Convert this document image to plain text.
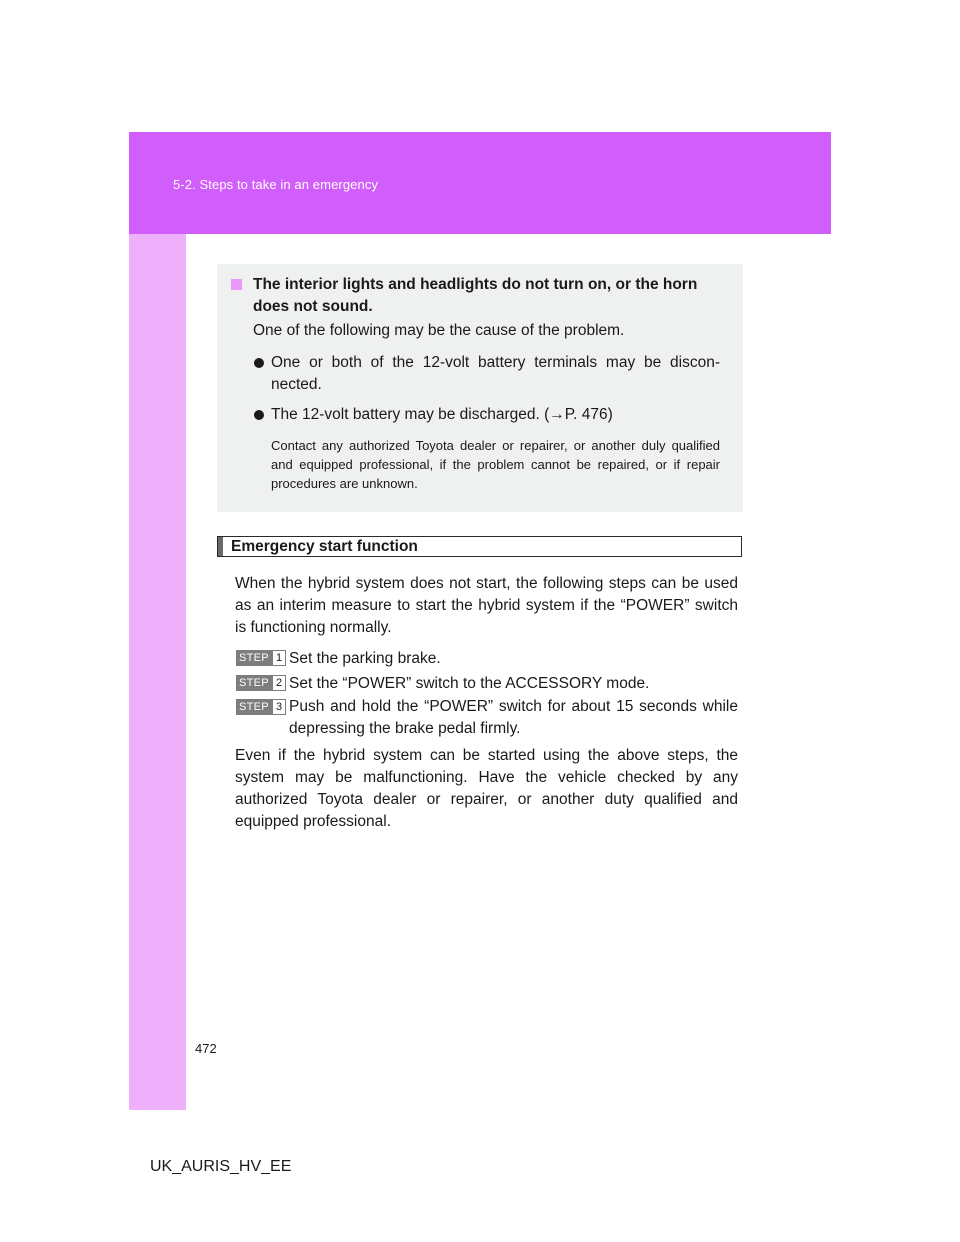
5-2. Steps to take in an emergency
The interior lights and headlights do not turn on, or the horn does not sound.
One of the following may be the cause of the problem.
One or both of the 12-volt battery terminals may be discon-nected.
The 12-volt battery may be discharged. (→P. 476)
Contact any authorized Toyota dealer or repairer, or another duly qualified and equipped professional, if the problem cannot be repaired, or if repair procedures are unknown.
Emergency start function
When the hybrid system does not start, the following steps can be used as an interim measure to start the hybrid system if the “POWER” switch is functioning normally.
STEP 1 Set the parking brake.
STEP 2 Set the “POWER” switch to the ACCESSORY mode.
STEP 3 Push and hold the “POWER” switch for about 15 seconds while depressing the brake pedal firmly.
Even if the hybrid system can be started using the above steps, the system may be malfunctioning. Have the vehicle checked by any authorized Toyota dealer or repairer, or another duty qualified and equipped professional.
472
UK_AURIS_HV_EE
